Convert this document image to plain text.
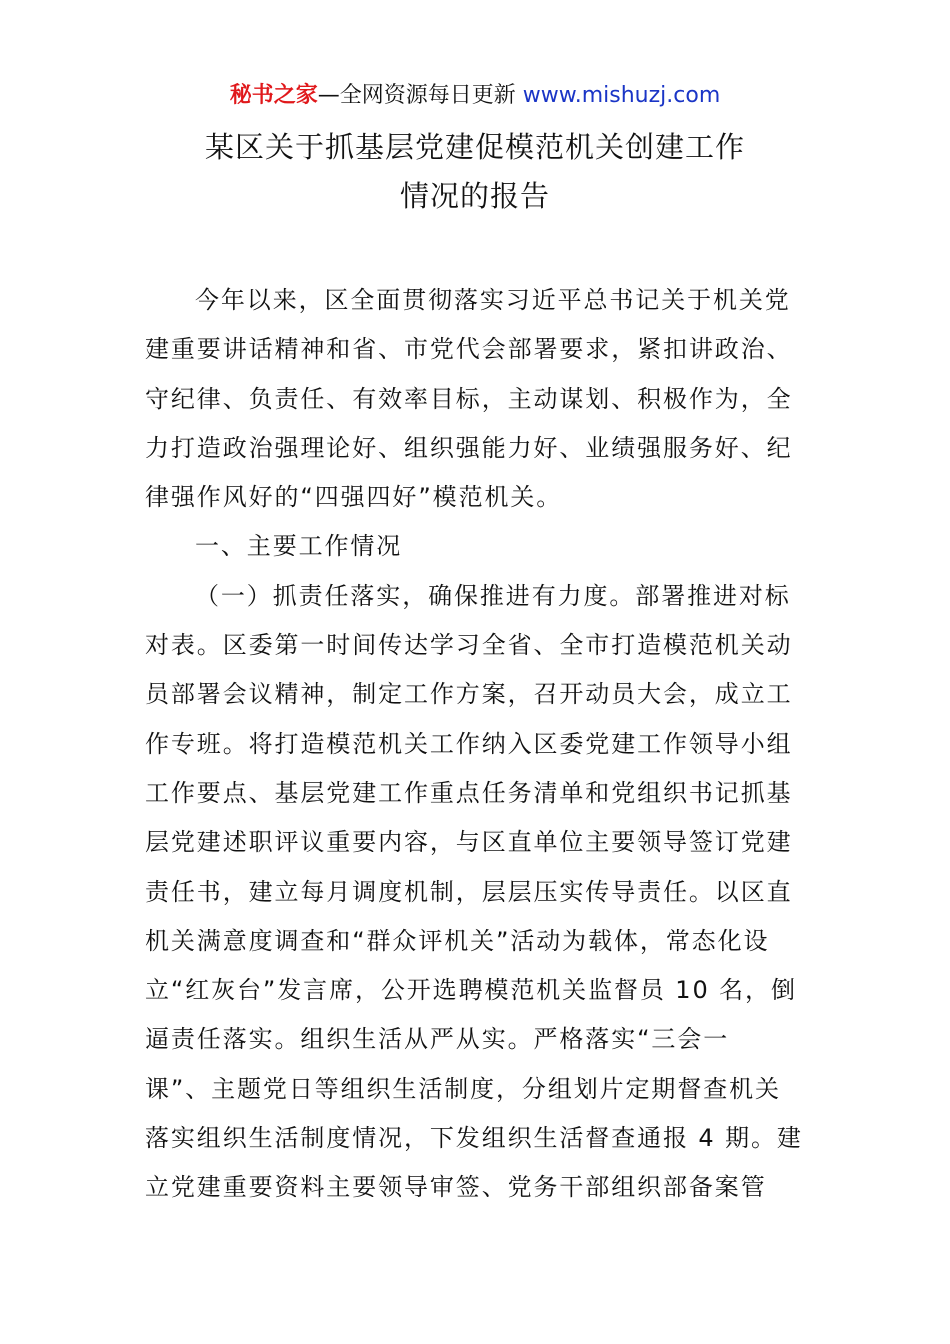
秘书之家—全网资源每日更新 www.mishuzj.com
某区关于抓基层党建促模范机关创建工作
情况的报告
今年以来，区全面贯彻落实习近平总书记关于机关党
建重要讲话精神和省、市党代会部署要求，紧扣讲政治、
守纪律、负责任、有效率目标，主动谋划、积极作为，全
力打造政治强理论好、组织强能力好、业绩强服务好、纪
律强作风好的“四强四好”模范机关。
一、主要工作情况
（一）抓责任落实，确保推进有力度。部署推进对标
对表。区委第一时间传达学习全省、全市打造模范机关动
员部署会议精神，制定工作方案，召开动员大会，成立工
作专班。将打造模范机关工作纳入区委党建工作领导小组
工作要点、基层党建工作重点任务清单和党组织书记抓基
层党建述职评议重要内容，与区直单位主要领导签订党建
责任书，建立每月调度机制，层层压实传导责任。以区直
机关满意度调查和“群众评机关”活动为载体，常态化设
立“红灰台”发言席，公开选聘模范机关监督员 10 名，倒
逼责任落实。组织生活从严从实。严格落实“三会一
课”、主题党日等组织生活制度，分组划片定期督查机关
落实组织生活制度情况，下发组织生活督查通报 4 期。建
立党建重要资料主要领导审签、党务干部组织部备案管
